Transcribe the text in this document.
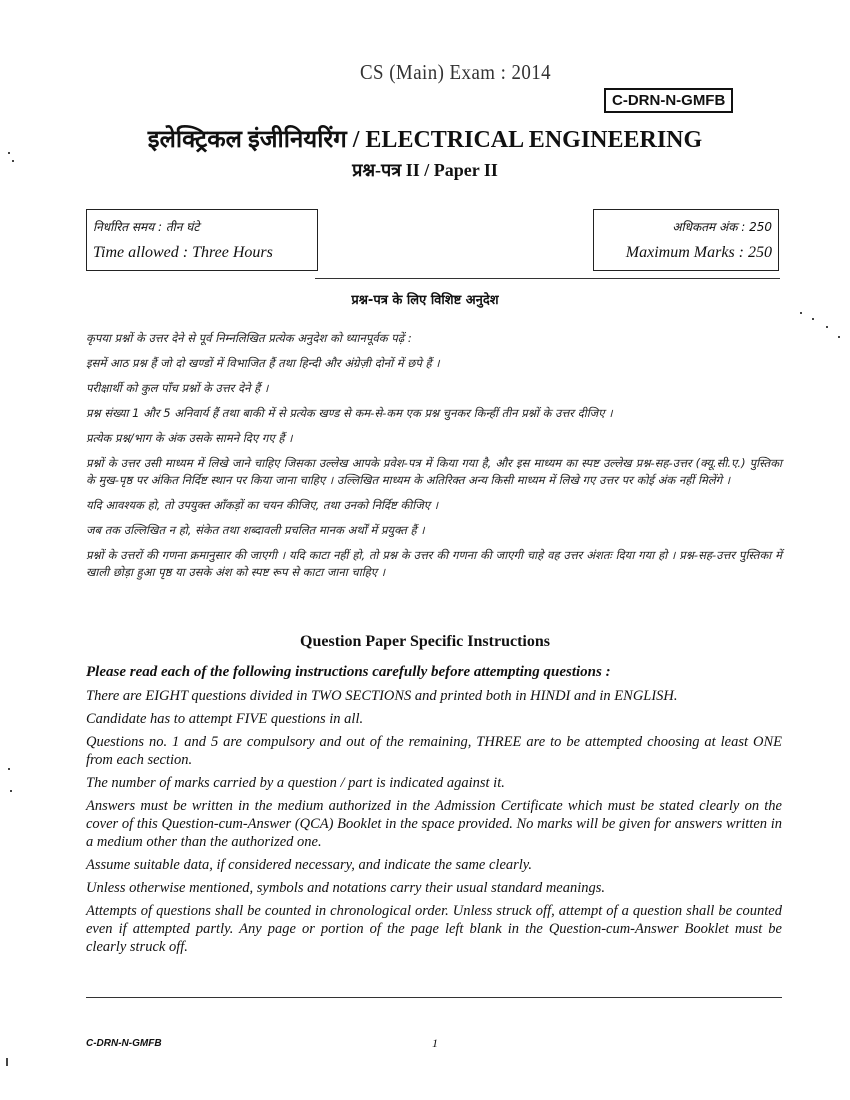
CS (Main) Exam : 2014
C-DRN-N-GMFB
इलेक्ट्रिकल इंजीनियरिंग / ELECTRICAL ENGINEERING
प्रश्न-पत्र II / Paper II
निर्धारित समय : तीन घंटे
Time allowed : Three Hours
अधिकतम अंक : 250
Maximum Marks : 250
प्रश्न-पत्र के लिए विशिष्ट अनुदेश

कृपया प्रश्नों के उत्तर देने से पूर्व निम्नलिखित प्रत्येक अनुदेश को ध्यानपूर्वक पढ़ें :

इसमें आठ प्रश्न हैं जो दो खण्डों में विभाजित हैं तथा हिन्दी और अंग्रेज़ी दोनों में छपे हैं ।

परीक्षार्थी को कुल पाँच प्रश्नों के उत्तर देने हैं ।

प्रश्न संख्या 1 और 5 अनिवार्य हैं तथा बाकी में से प्रत्येक खण्ड से कम-से-कम एक प्रश्न चुनकर किन्हीं तीन प्रश्नों के उत्तर दीजिए ।

प्रत्येक प्रश्न/भाग के अंक उसके सामने दिए गए हैं ।

प्रश्नों के उत्तर उसी माध्यम में लिखे जाने चाहिए जिसका उल्लेख आपके प्रवेश-पत्र में किया गया है, और इस माध्यम का स्पष्ट उल्लेख प्रश्न-सह-उत्तर (क्यू.सी.ए.) पुस्तिका के मुख-पृष्ठ पर अंकित निर्दिष्ट स्थान पर किया जाना चाहिए । उल्लिखित माध्यम के अतिरिक्त अन्य किसी माध्यम में लिखे गए उत्तर पर कोई अंक नहीं मिलेंगे ।

यदि आवश्यक हो, तो उपयुक्त आँकड़ों का चयन कीजिए, तथा उनको निर्दिष्ट कीजिए ।

जब तक उल्लिखित न हो, संकेत तथा शब्दावली प्रचलित मानक अर्थों में प्रयुक्त हैं ।

प्रश्नों के उत्तरों की गणना क्रमानुसार की जाएगी । यदि काटा नहीं हो, तो प्रश्न के उत्तर की गणना की जाएगी चाहे वह उत्तर अंशतः दिया गया हो । प्रश्न-सह-उत्तर पुस्तिका में खाली छोड़ा हुआ पृष्ठ या उसके अंश को स्पष्ट रूप से काटा जाना चाहिए ।

Question Paper Specific Instructions

Please read each of the following instructions carefully before attempting questions :

There are EIGHT questions divided in TWO SECTIONS and printed both in HINDI and in ENGLISH.

Candidate has to attempt FIVE questions in all.

Questions no. 1 and 5 are compulsory and out of the remaining, THREE are to be attempted choosing at least ONE from each section.

The number of marks carried by a question / part is indicated against it.

Answers must be written in the medium authorized in the Admission Certificate which must be stated clearly on the cover of this Question-cum-Answer (QCA) Booklet in the space provided. No marks will be given for answers written in a medium other than the authorized one.

Assume suitable data, if considered necessary, and indicate the same clearly.

Unless otherwise mentioned, symbols and notations carry their usual standard meanings.

Attempts of questions shall be counted in chronological order. Unless struck off, attempt of a question shall be counted even if attempted partly. Any page or portion of the page left blank in the Question-cum-Answer Booklet must be clearly struck off.

C-DRN-N-GMFB	1
